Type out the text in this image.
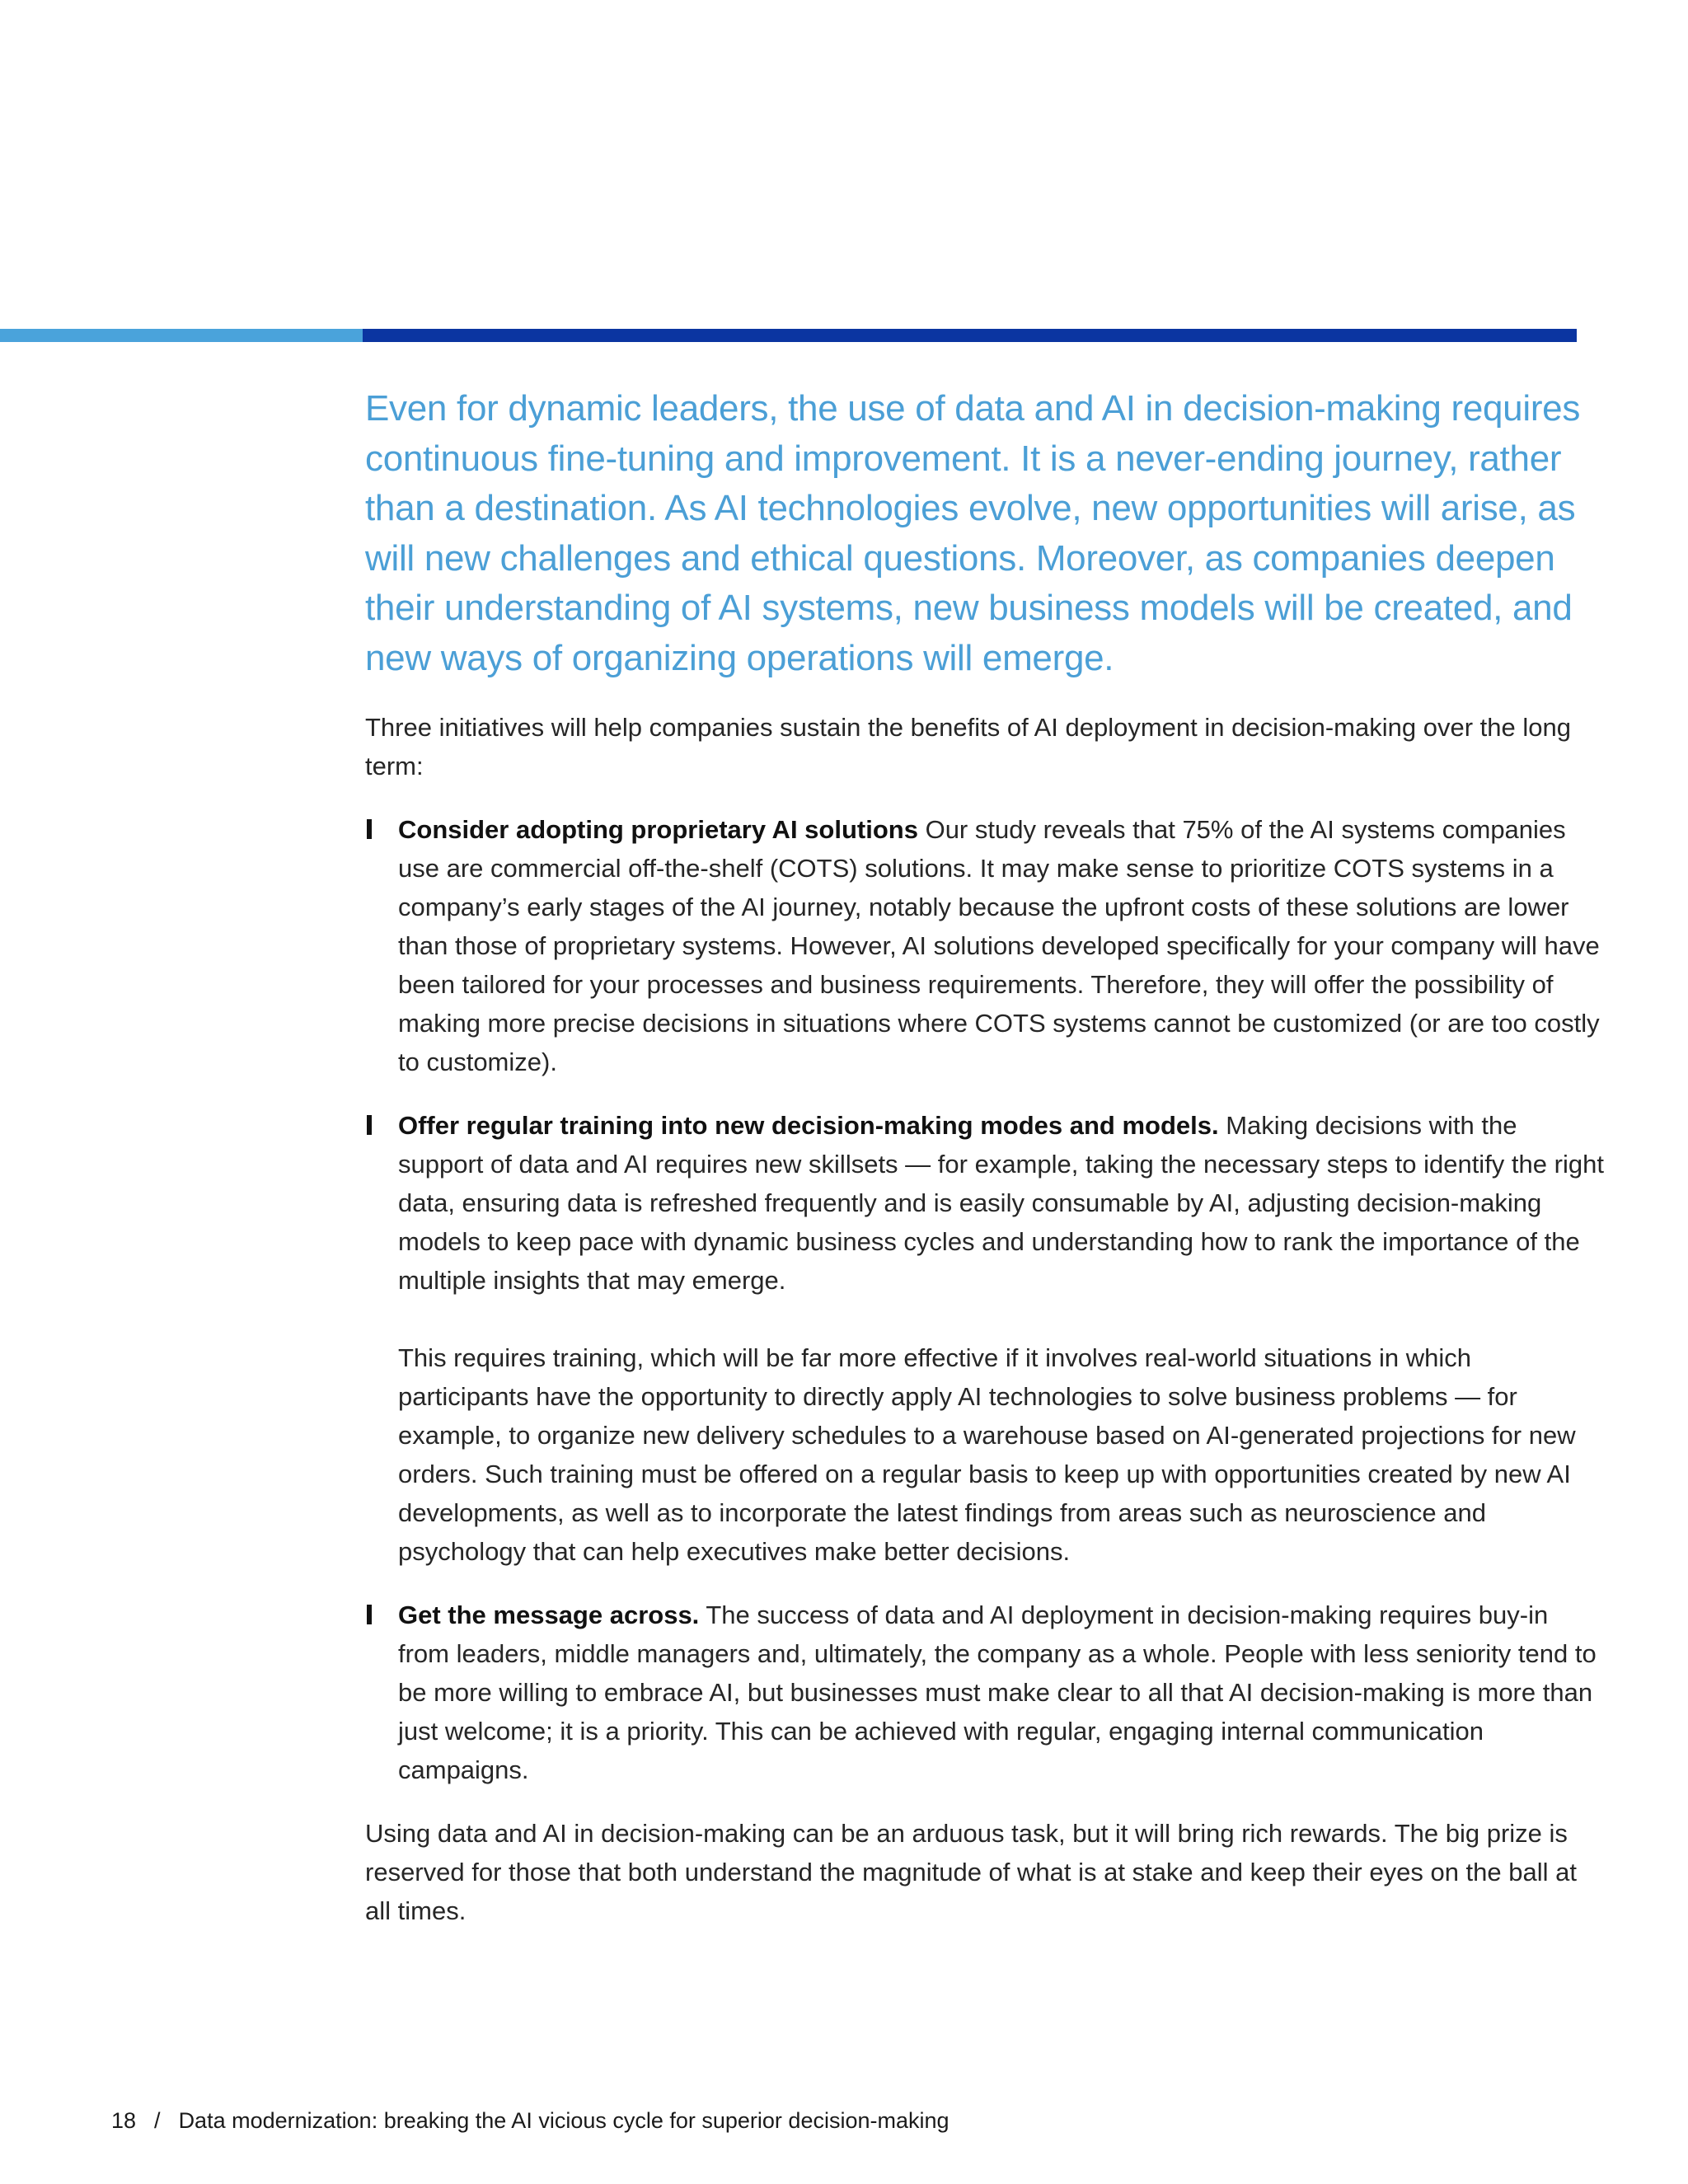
Even for dynamic leaders, the use of data and AI in decision-making requires continuous fine-tuning and improvement. It is a never-ending journey, rather than a destination. As AI technologies evolve, new opportunities will arise, as will new challenges and ethical questions. Moreover, as companies deepen their understanding of AI systems, new business models will be created, and new ways of organizing operations will emerge.

Three initiatives will help companies sustain the benefits of AI deployment in decision-making over the long term:

Consider adopting proprietary AI solutions Our study reveals that 75% of the AI systems companies use are commercial off-the-shelf (COTS) solutions. It may make sense to prioritize COTS systems in a company’s early stages of the AI journey, notably because the upfront costs of these solutions are lower than those of proprietary systems. However, AI solutions developed specifically for your company will have been tailored for your processes and business requirements. Therefore, they will offer the possibility of making more precise decisions in situations where COTS systems cannot be customized (or are too costly to customize).
Offer regular training into new decision-making modes and models. Making decisions with the support of data and AI requires new skillsets — for example, taking the necessary steps to identify the right data, ensuring data is refreshed frequently and is easily consumable by AI, adjusting decision-making models to keep pace with dynamic business cycles and understanding how to rank the importance of the multiple insights that may emerge.
This requires training, which will be far more effective if it involves real-world situations in which participants have the opportunity to directly apply AI technologies to solve business problems — for example, to organize new delivery schedules to a warehouse based on AI-generated projections for new orders. Such training must be offered on a regular basis to keep up with opportunities created by new AI developments, as well as to incorporate the latest findings from areas such as neuroscience and psychology that can help executives make better decisions.
Get the message across. The success of data and AI deployment in decision-making requires buy-in from leaders, middle managers and, ultimately, the company as a whole. People with less seniority tend to be more willing to embrace AI, but businesses must make clear to all that AI decision-making is more than just welcome; it is a priority. This can be achieved with regular, engaging internal communication campaigns.

Using data and AI in decision-making can be an arduous task, but it will bring rich rewards. The big prize is reserved for those that both understand the magnitude of what is at stake and keep their eyes on the ball at all times.

18 / Data modernization: breaking the AI vicious cycle for superior decision-making
